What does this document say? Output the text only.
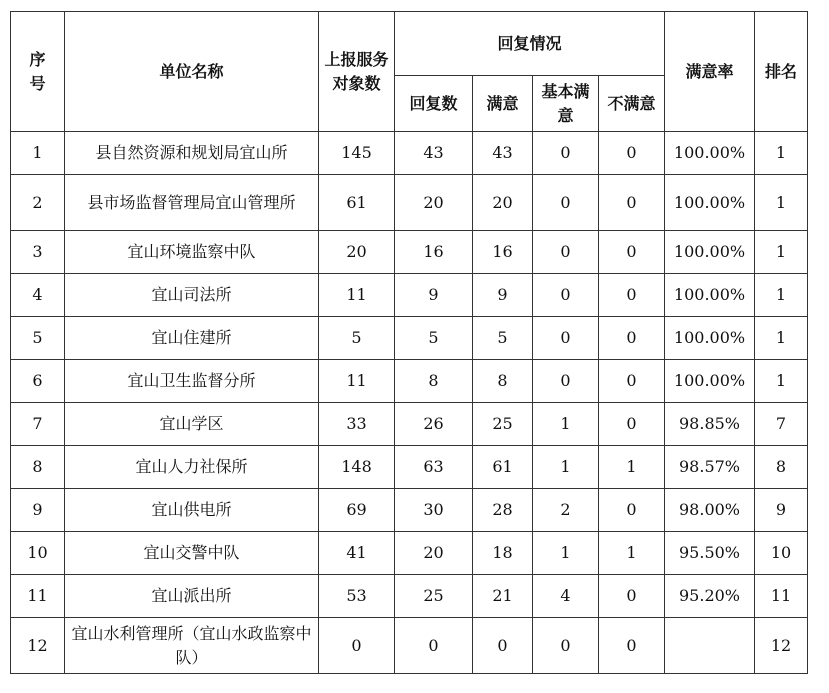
序
号	单位名称	上报服务对象数	回复情况				满意率	排名
			回复数	满意	基本满意	不满意		
1	县自然资源和规划局宜山所	145	43	43	0	0	100.00%	1
2	县市场监督管理局宜山管理所	61	20	20	0	0	100.00%	1
3	宜山环境监察中队	20	16	16	0	0	100.00%	1
4	宜山司法所	11	9	9	0	0	100.00%	1
5	宜山住建所	5	5	5	0	0	100.00%	1
6	宜山卫生监督分所	11	8	8	0	0	100.00%	1
7	宜山学区	33	26	25	1	0	98.85%	7
8	宜山人力社保所	148	63	61	1	1	98.57%	8
9	宜山供电所	69	30	28	2	0	98.00%	9
10	宜山交警中队	41	20	18	1	1	95.50%	10
11	宜山派出所	53	25	21	4	0	95.20%	11
12	宜山水利管理所（宜山水政监察中队）	0	0	0	0	0		12
